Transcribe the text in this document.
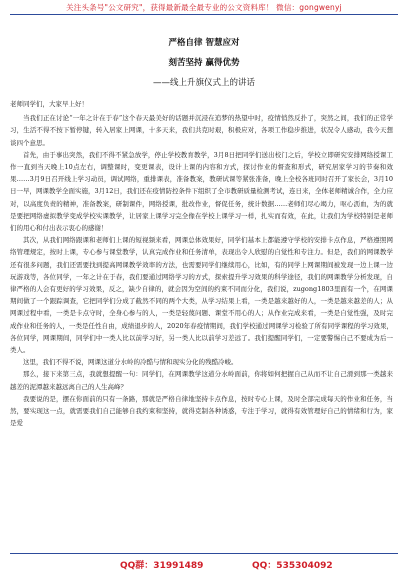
关注头条号"公文研究"，获得最新最全最专业的公文资料库！ 微信：gongwenyj
严格自律 智慧应对
刻苦坚持 赢得优势
——线上升旗仪式上的讲话

老师同学们，大家早上好！

当我们正在讨论“一年之计在于春”这个春天最美好的话题并沉浸在追梦的热望中时，疫情悄然反扑了，突然之间，我们的正常学习，生活不得不按下暂停键，转入居家上网课，十多天来，我们共克时艰，积极应对，各项工作稳步推进，状况令人感动，我今天想谈四个意思。

首先，由于事出突然，我们不得不紧急放学，停止学校教育教学，3月8日把同学们送出校门之后，学校立即研究安排网络授课工作一直到当天晚上10点左右，调整课时，变更课表，设计上课的内容和方式，探讨作业的督查和形式，研究居家学习的节奏和效果……3月9日召开线上学习动员，调试网络，重排课表，准备教案，教研试课等紧张准备，晚上全校各班同时召开了家长会，3月10日一早，网课教学全面实施，3月12日，我们还在疫情防控条件下组织了全市教研质量检测考试，连日来，全体老师精诚合作，全力应对，以高度负责的精神，准备教案，研制课件，网络授课，批改作业，督促任务，统计数据……老师们尽心竭力，呕心沥血，为的就是要把网络虚拟教学变成学校实课教学，让居家上课学习完全像在学校上课学习一样，扎实而有效，在此，让我们为学校特别是老师们的用心和付出表示衷心的感谢！

其次，从我们网络跟课和老师们上课的短视频来看，网课总体效果好，同学们基本上都能遵守学校的安排卡点作息，严格遵照网络管理规定，按时上课，专心参与课堂教学，认真完成作业和任务清单，表现出令人欣慰的自觉性和专注力。但是，我们的网课教学还有很多问题，我们还需要找到提高网课教学效率的方法，也需要同学们继续用心，比如，有的同学上网课期间被发现一边上课一边玩游戏等，各位同学，一年之计在于春，我们要通过网络学习的方式，探索提升学习效果的科学途径，我们的网课教学分析发现，自律严格的人会有更好的学习效果，反之，缺少自律的，就会因为空间的约束不同而分化，我们说，zugong1803里面有一个，在网课期间做了一个跟踪调查，它把同学们分成了截然不同的两个大类，从学习结果上看，一类是越来越好的人，一类是越来越差的人；从网课过程中看，一类是卡点守时，全身心参与的人，一类是轻蔑问题、课堂不用心的人；从作业完成来看，一类是自觉性强，及时完成作业和任务的人，一类是任性自由，成绩退步的人，2020年春疫情期间，我们学校通过网课学习检验了所有同学课程的学习效果，各位同学，网课期间，同学们中一类人比以前学习好，另一类人比以前学习差远了。我们提醒同学们，一定要警惕自己不要成为后一类人。

这里，我们不得不说，网课这道分水岭的冷酷与情和现实分化的残酷冷峻。

那么，接下来第三点，我就想提醒一句：同学们，在网课教学这道分水岭面前，你将如何把握自己从而不让自己滑到那一类越来越差的泥潭越来越远离自己的人生高峰？

我要说的是，摆在你面前的只有一条路，那就是严格自律地坚持卡点作息，按时专心上课，及时全部完成每天的作业和任务，当然，要实现这一点，就需要我们自己能够自我约束和坚持，就得克制各种诱惑，专注于学习，就得有效管理好自己的情绪和行为，家是爱

QQ群：31991489	QQ：535304092
